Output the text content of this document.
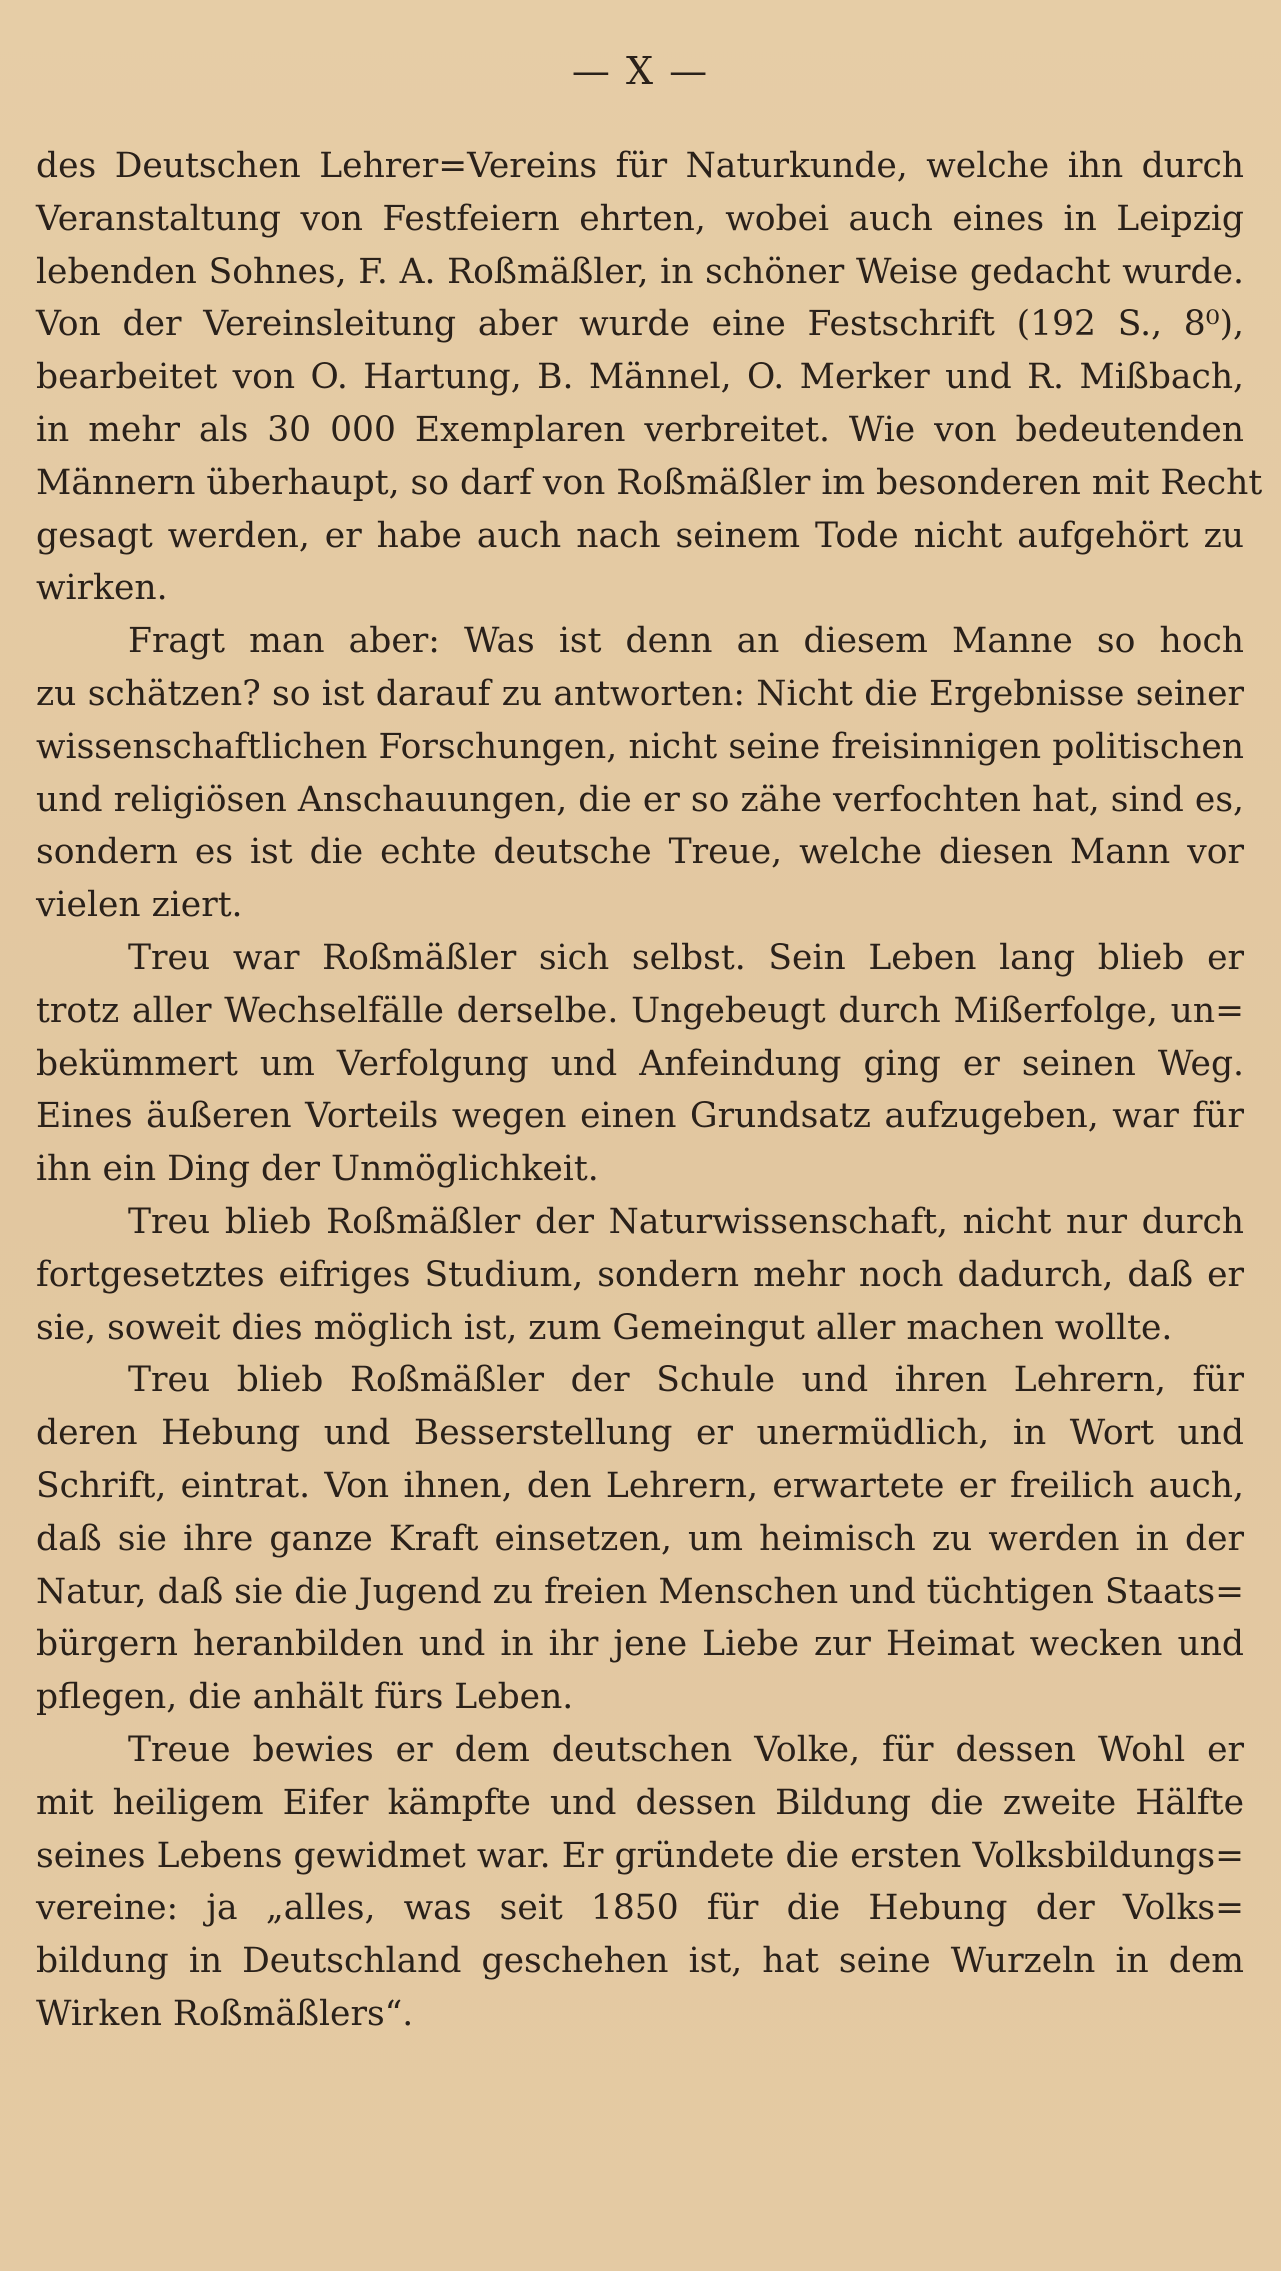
— X —

des Deutschen Lehrer=Vereins für Naturkunde, welche ihn durch
Veranstaltung von Festfeiern ehrten, wobei auch eines in Leipzig
lebenden Sohnes, F. A. Roßmäßler, in schöner Weise gedacht wurde.
Von der Vereinsleitung aber wurde eine Festschrift (192 S., 8⁰),
bearbeitet von O. Hartung, B. Männel, O. Merker und R. Mißbach,
in mehr als 30 000 Exemplaren verbreitet. Wie von bedeutenden
Männern überhaupt, so darf von Roßmäßler im besonderen mit Recht
gesagt werden, er habe auch nach seinem Tode nicht aufgehört zu
wirken.

Fragt man aber: Was ist denn an diesem Manne so hoch
zu schätzen? so ist darauf zu antworten: Nicht die Ergebnisse seiner
wissenschaftlichen Forschungen, nicht seine freisinnigen politischen
und religiösen Anschauungen, die er so zähe verfochten hat, sind es,
sondern es ist die echte deutsche Treue, welche diesen Mann vor
vielen ziert.

Treu war Roßmäßler sich selbst. Sein Leben lang blieb er
trotz aller Wechselfälle derselbe. Ungebeugt durch Mißerfolge, un=
bekümmert um Verfolgung und Anfeindung ging er seinen Weg.
Eines äußeren Vorteils wegen einen Grundsatz aufzugeben, war für
ihn ein Ding der Unmöglichkeit.

Treu blieb Roßmäßler der Naturwissenschaft, nicht nur durch
fortgesetztes eifriges Studium, sondern mehr noch dadurch, daß er
sie, soweit dies möglich ist, zum Gemeingut aller machen wollte.

Treu blieb Roßmäßler der Schule und ihren Lehrern, für
deren Hebung und Besserstellung er unermüdlich, in Wort und
Schrift, eintrat. Von ihnen, den Lehrern, erwartete er freilich auch,
daß sie ihre ganze Kraft einsetzen, um heimisch zu werden in der
Natur, daß sie die Jugend zu freien Menschen und tüchtigen Staats=
bürgern heranbilden und in ihr jene Liebe zur Heimat wecken und
pflegen, die anhält fürs Leben.

Treue bewies er dem deutschen Volke, für dessen Wohl er
mit heiligem Eifer kämpfte und dessen Bildung die zweite Hälfte
seines Lebens gewidmet war. Er gründete die ersten Volksbildungs=
vereine: ja „alles, was seit 1850 für die Hebung der Volks=
bildung in Deutschland geschehen ist, hat seine Wurzeln in dem
Wirken Roßmäßlers“.
